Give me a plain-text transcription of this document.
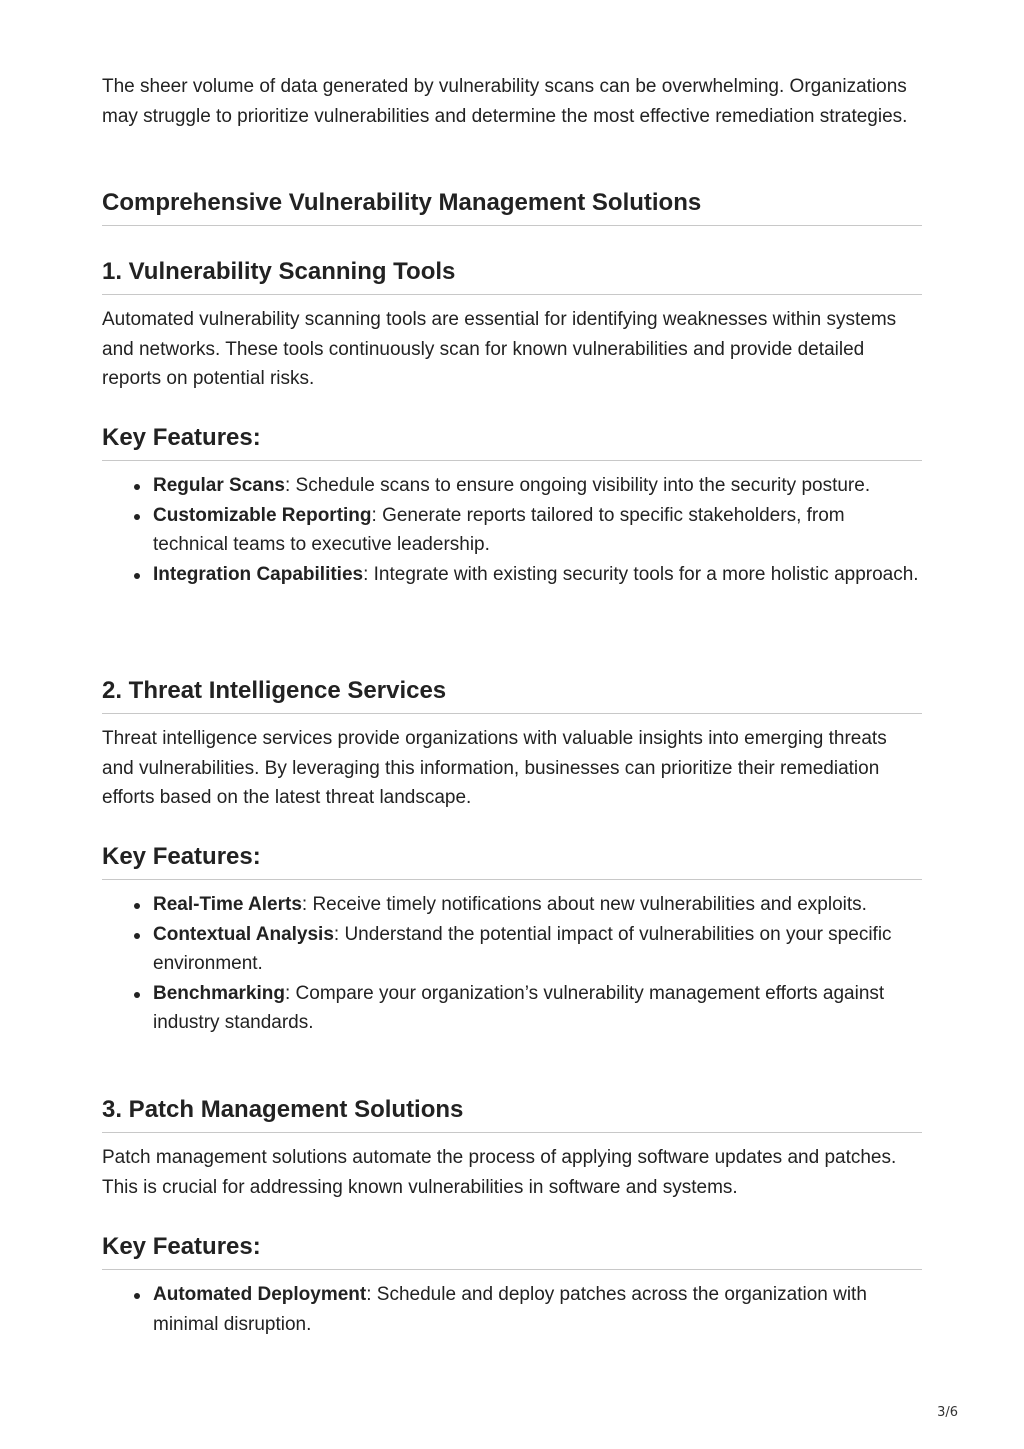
The sheer volume of data generated by vulnerability scans can be overwhelming. Organizations may struggle to prioritize vulnerabilities and determine the most effective remediation strategies.

Comprehensive Vulnerability Management Solutions
1. Vulnerability Scanning Tools

Automated vulnerability scanning tools are essential for identifying weaknesses within systems and networks. These tools continuously scan for known vulnerabilities and provide detailed reports on potential risks.

Key Features:
Regular Scans: Schedule scans to ensure ongoing visibility into the security posture.
Customizable Reporting: Generate reports tailored to specific stakeholders, from technical teams to executive leadership.
Integration Capabilities: Integrate with existing security tools for a more holistic approach.
2. Threat Intelligence Services

Threat intelligence services provide organizations with valuable insights into emerging threats and vulnerabilities. By leveraging this information, businesses can prioritize their remediation efforts based on the latest threat landscape.

Key Features:
Real-Time Alerts: Receive timely notifications about new vulnerabilities and exploits.
Contextual Analysis: Understand the potential impact of vulnerabilities on your specific environment.
Benchmarking: Compare your organization’s vulnerability management efforts against industry standards.
3. Patch Management Solutions

Patch management solutions automate the process of applying software updates and patches. This is crucial for addressing known vulnerabilities in software and systems.

Key Features:
Automated Deployment: Schedule and deploy patches across the organization with minimal disruption.
3/6
